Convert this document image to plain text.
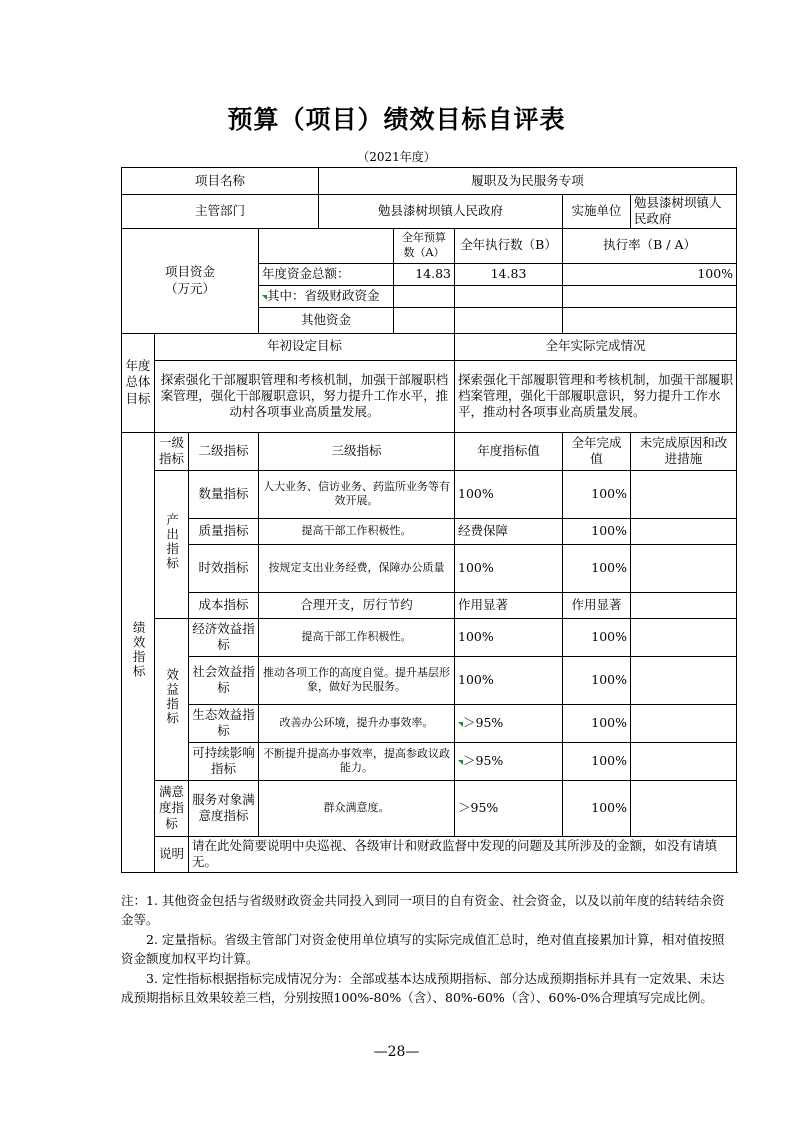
预算（项目）绩效目标自评表
（2021年度）
项目名称				履职及为民服务专项				
主管部门				勉县漆树坝镇人民政府			实施单位	勉县漆树坝镇人民政府
项目资金
（万元）					全年预算数（A）	全年执行数（B）	执行率（B / A）	
			年度资金总额：		14.83	14.83	100%	
			其中：省级财政资金					
			其他资金					
年度总体目标	年初设定目标					全年实际完成情况		
	探索强化干部履职管理和考核机制，加强干部履职档案管理，强化干部履职意识，努力提升工作水平，推动村各项事业高质量发展。					探索强化干部履职管理和考核机制，加强干部履职档案管理，强化干部履职意识，努力提升工作水平，推动村各项事业高质量发展。		
绩效指标	一级指标	二级指标	三级指标			年度指标值	全年完成值	未完成原因和改进措施
	产出指标	数量指标	人大业务、信访业务、药监所业务等有效开展。			100%	100%	
		质量指标	提高干部工作积极性。			经费保障	100%	
		时效指标	按规定支出业务经费，保障办公质量			100%	100%	
		成本指标	合理开支，厉行节约			作用显著	作用显著	
	效益指标	经济效益指标	提高干部工作积极性。			100%	100%	
		社会效益指标	推动各项工作的高度自觉。提升基层形象，做好为民服务。			100%	100%	
		生态效益指标	改善办公环境，提升办事效率。			＞95%	100%	
		可持续影响指标	不断提升提高办事效率，提高参政议政能力。			＞95%	100%	
	满意度指标	服务对象满意度指标	群众满意度。			＞95%	100%	
	说明	请在此处简要说明中央巡视、各级审计和财政监督中发现的问题及其所涉及的金额，如没有请填无。						

注：1. 其他资金包括与省级财政资金共同投入到同一项目的自有资金、社会资金，以及以前年度的结转结余资金等。

2. 定量指标。省级主管部门对资金使用单位填写的实际完成值汇总时，绝对值直接累加计算，相对值按照资金额度加权平均计算。

3. 定性指标根据指标完成情况分为：全部或基本达成预期指标、部分达成预期指标并具有一定效果、未达成预期指标且效果较差三档，分别按照100%-80%（含）、80%-60%（含）、60%-0%合理填写完成比例。

—28—
